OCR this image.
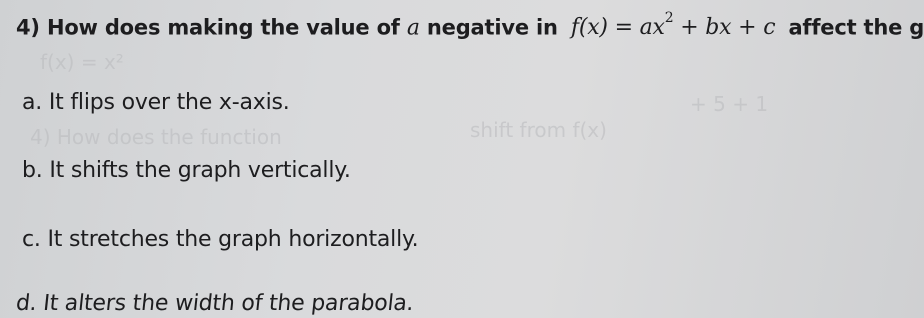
f(x) = x²
4) How does the function	shift from f(x)
+ 5 + 1
4) How does making the value of a negative in $f(x) = ax^2$ + bx + c affect the g
a. It flips over the x-axis.
b. It shifts the graph vertically.
c. It stretches the graph horizontally.
d. It alters the width of the parabola.
